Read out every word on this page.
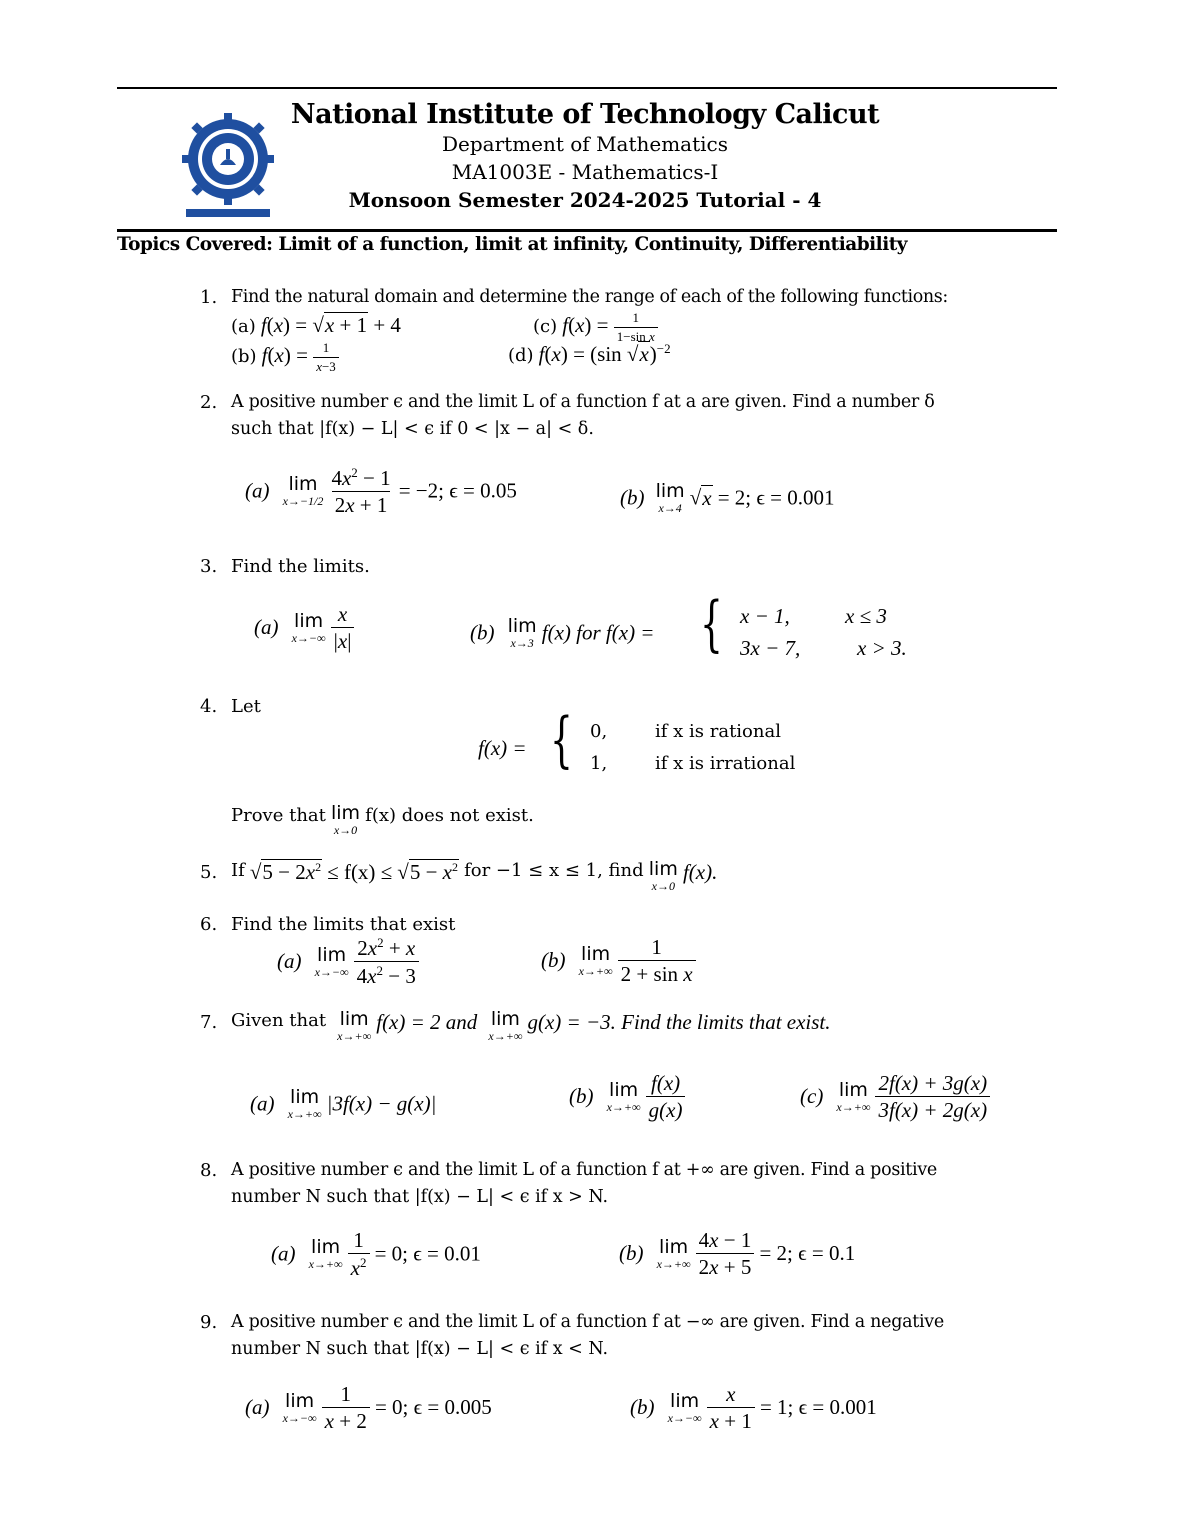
National Institute of Technology Calicut
Department of Mathematics
MA1003E - Mathematics-I
Monsoon Semester 2024-2025 Tutorial - 4
Topics Covered: Limit of a function, limit at infinity, Continuity, Differentiability
1. Find the natural domain and determine the range of each of the following functions:
(a) f(x) = √x + 1 + 4	(c) $f(x) = \frac{1}{\text{1−sin x}}$
(b) $f(x) = \frac{1}{x-3}$	(d) f(x) = (sin √x)$^{-2}$
2. A positive number ϵ and the limit L of a function f at a are given. Find a number δ
such that |f(x) − L| < ϵ if 0 < |x − a| < δ.
(a) lim
x→−1/2
$\frac{4x^2 - 1}{2x + 1} = -2$; ϵ = 0.05	(b) lim
x→4 √x = 2; ϵ = 0.001
3. Find the limits.
(a) lim
x→−∞
$\frac{x}{|x|}$	(b) lim
x→3 f(x) for f(x) = { x − 1,	x ≤ 3
3x − 7,	x > 3.
4. Let
f(x) = { 0,	if x is rational
1,	if x is irrational
Prove that lim
x→0
f(x) does not exist.
5. If $√5 - 2x^2 \le f(x) \le √5 - x^2$ for −1 ≤ x ≤ 1, find lim
x→0
f(x).
6. Find the limits that exist
(a) lim
x→−∞
$\frac{2x^2 + x}{4x^2 - 3}$	(b) lim
x→+∞
$\frac{1}{\text{2 + sin x}}$
7. Given that lim
x→+∞
f(x) = 2 and lim
x→+∞
g(x) = −3. Find the limits that exist.
(a) lim
x→+∞ |3f(x) − g(x)|	(b) lim
x→+∞
$\frac{f(x)}{g(x)}$	(c) lim
x→+∞
$\frac{2f(x) + 3g(x)}{3f(x) + 2g(x)}$
8. A positive number ϵ and the limit L of a function f at +∞ are given. Find a positive
number N such that |f(x) − L| < ϵ if x > N.
(a) lim
x→+∞
$\frac{1}{x^2} = 0$; ϵ = 0.01	(b) lim
x→+∞
$\frac{4x - 1}{2x + 5} = 2$; ϵ = 0.1
9. A positive number ϵ and the limit L of a function f at −∞ are given. Find a negative
number N such that |f(x) − L| < ϵ if x < N.
(a) lim
x→−∞
$\frac{1}{x + 2} = 0$; ϵ = 0.005	(b) lim
x→−∞
$\frac{x}{x + 1} = 1$; ϵ = 0.001
